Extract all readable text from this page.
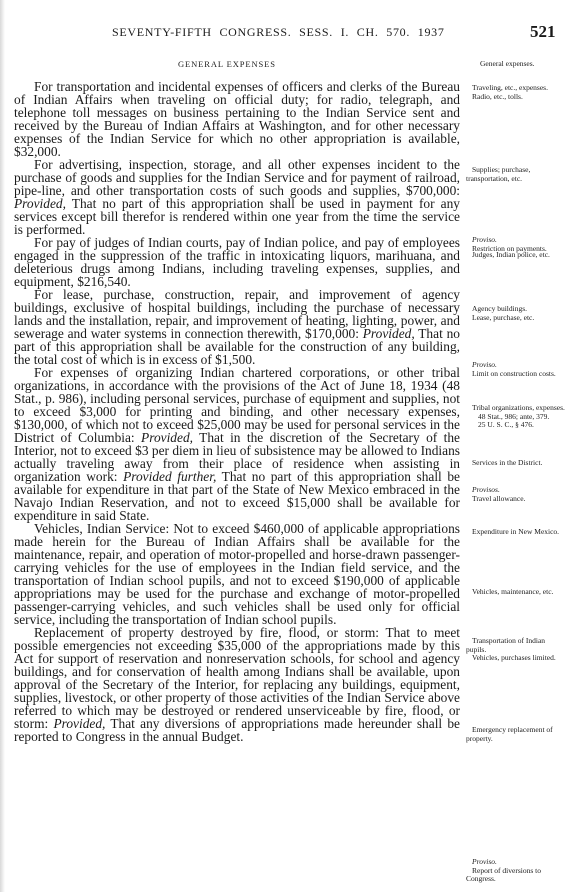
SEVENTY-FIFTH CONGRESS. SESS. I. CH. 570. 1937	521
GENERAL EXPENSES	General expenses.

For transportation and incidental expenses of officers and clerks of the Bureau of Indian Affairs when traveling on official duty; for radio, telegraph, and telephone toll messages on business pertaining to the Indian Service sent and received by the Bureau of Indian Affairs at Washington, and for other necessary expenses of the Indian Service for which no other appropriation is available, $32,000.

For advertising, inspection, storage, and all other expenses incident to the purchase of goods and supplies for the Indian Service and for payment of railroad, pipe-line, and other transportation costs of such goods and supplies, $700,000: Provided, That no part of this appropriation shall be used in payment for any services except bill therefor is rendered within one year from the time the service is performed.

For pay of judges of Indian courts, pay of Indian police, and pay of employees engaged in the suppression of the traffic in intoxicating liquors, marihuana, and deleterious drugs among Indians, including traveling expenses, supplies, and equipment, $216,540.

For lease, purchase, construction, repair, and improvement of agency buildings, exclusive of hospital buildings, including the purchase of necessary lands and the installation, repair, and improvement of heating, lighting, power, and sewerage and water systems in connection therewith, $170,000: Provided, That no part of this appropriation shall be available for the construction of any building, the total cost of which is in excess of $1,500.

For expenses of organizing Indian chartered corporations, or other tribal organizations, in accordance with the provisions of the Act of June 18, 1934 (48 Stat., p. 986), including personal services, purchase of equipment and supplies, not to exceed $3,000 for printing and binding, and other necessary expenses, $130,000, of which not to exceed $25,000 may be used for personal services in the District of Columbia: Provided, That in the discretion of the Secretary of the Interior, not to exceed $3 per diem in lieu of subsistence may be allowed to Indians actually traveling away from their place of residence when assisting in organization work: Provided further, That no part of this appropriation shall be available for expenditure in that part of the State of New Mexico embraced in the Navajo Indian Reservation, and not to exceed $15,000 shall be available for expenditure in said State.

Vehicles, Indian Service: Not to exceed $460,000 of applicable appropriations made herein for the Bureau of Indian Affairs shall be available for the maintenance, repair, and operation of motor-propelled and horse-drawn passenger-carrying vehicles for the use of employees in the Indian field service, and the transportation of Indian school pupils, and not to exceed $190,000 of applicable appropriations may be used for the purchase and exchange of motor-propelled passenger-carrying vehicles, and such vehicles shall be used only for official service, including the transportation of Indian school pupils.

Replacement of property destroyed by fire, flood, or storm: That to meet possible emergencies not exceeding $35,000 of the appropriations made by this Act for support of reservation and nonreservation schools, for school and agency buildings, and for conservation of health among Indians shall be available, upon approval of the Secretary of the Interior, for replacing any buildings, equipment, supplies, livestock, or other property of those activities of the Indian Service above referred to which may be destroyed or rendered unserviceable by fire, flood, or storm: Provided, That any diversions of appropriations made hereunder shall be reported to Congress in the annual Budget.

Traveling, etc., expenses.
Radio, etc., tolls.
Supplies; purchase, transportation, etc.
Proviso.
Restriction on payments.
Judges, Indian police, etc.
Agency buildings.
Lease, purchase, etc.
Proviso.
Limit on construction costs.
Tribal organizations, expenses.
48 Stat., 986; ante, 379.
25 U. S. C., § 476.
Services in the District.
Provisos.
Travel allowance.
Expenditure in New Mexico.
Vehicles, maintenance, etc.
Transportation of Indian pupils.
Vehicles, purchases limited.
Emergency replacement of property.
Proviso.
Report of diversions to Congress.
